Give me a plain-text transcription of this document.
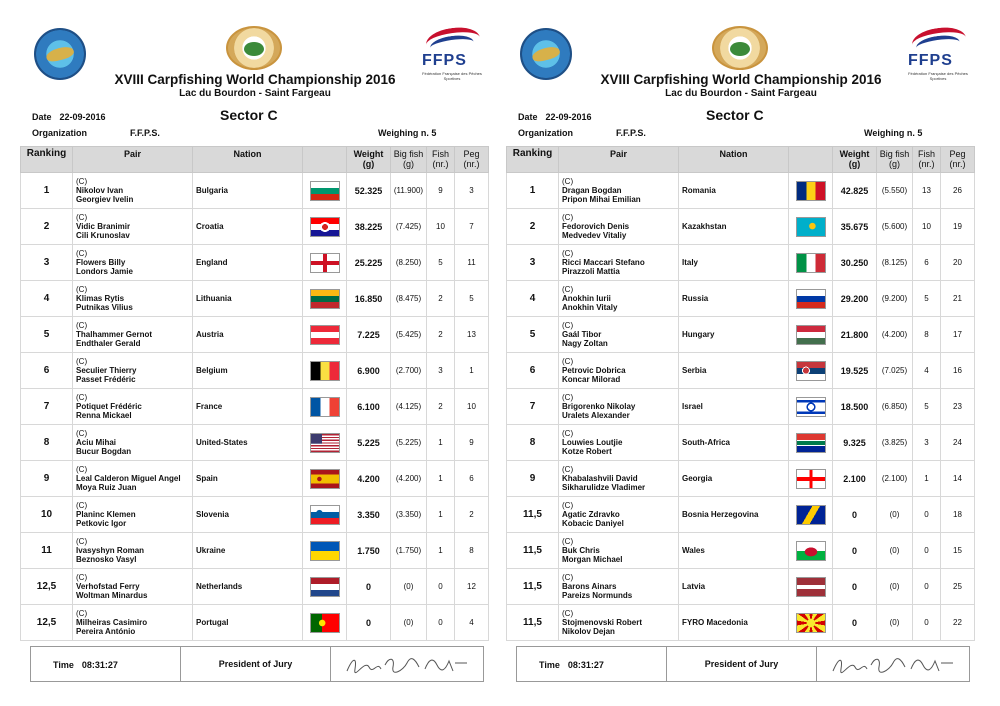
FFPS
Fédération Française des Pêches Sportives
XVIII Carpfishing World Championship 2016
Lac du Bourdon - Saint Fargeau
Date 22-09-2016	Sector C
Organization	F.F.P.S.	Weighing n. 5
Ranking	Pair	Nation		Weight
(g)	Big fish
(g)	Fish
(nr.)	Peg
(nr.)
1	(C)
Nikolov Ivan
Georgiev Ivelin	Bulgaria		52.325	(11.900)	9	3
2	(C)
Vidic Branimir
Cili Krunoslav	Croatia		38.225	(7.425)	10	7
3	(C)
Flowers Billy
Londors Jamie	England		25.225	(8.250)	5	11
4	(C)
Klimas Rytis
Putnikas Vilius	Lithuania		16.850	(8.475)	2	5
5	(C)
Thalhammer Gernot
Endthaler Gerald	Austria		7.225	(5.425)	2	13
6	(C)
Seculier Thierry
Passet Frédéric	Belgium		6.900	(2.700)	3	1
7	(C)
Potiquet Frédéric
Renna Mickael	France		6.100	(4.125)	2	10
8	(C)
Aciu Mihai
Bucur Bogdan	United-States		5.225	(5.225)	1	9
9	(C)
Leal Calderon Miguel Angel
Moya Ruiz Juan	Spain		4.200	(4.200)	1	6
10	(C)
Planinc Klemen
Petkovic Igor	Slovenia		3.350	(3.350)	1	2
11	(C)
Ivasyshyn Roman
Beznosko Vasyl	Ukraine		1.750	(1.750)	1	8
12,5	(C)
Verhofstad Ferry
Woltman Minardus	Netherlands		0	(0)	0	12
12,5	(C)
Milheiras Casimiro
Pereira António	Portugal		0	(0)	0	4
Time 08:31:27	President of Jury
FFPS
Fédération Française des Pêches Sportives
XVIII Carpfishing World Championship 2016
Lac du Bourdon - Saint Fargeau
Date 22-09-2016	Sector C
Organization	F.F.P.S.	Weighing n. 5
Ranking	Pair	Nation		Weight
(g)	Big fish
(g)	Fish
(nr.)	Peg
(nr.)
1	(C)
Dragan Bogdan
Pripon Mihai Emilian	Romania		42.825	(5.550)	13	26
2	(C)
Fedorovich Denis
Medvedev Vitaliy	Kazakhstan		35.675	(5.600)	10	19
3	(C)
Ricci Maccari Stefano
Pirazzoli Mattia	Italy		30.250	(8.125)	6	20
4	(C)
Anokhin Iurii
Anokhin Vitaly	Russia		29.200	(9.200)	5	21
5	(C)
Gaál Tibor
Nagy Zoltan	Hungary		21.800	(4.200)	8	17
6	(C)
Petrovic Dobrica
Koncar Milorad	Serbia		19.525	(7.025)	4	16
7	(C)
Brigorenko Nikolay
Uralets Alexander	Israel		18.500	(6.850)	5	23
8	(C)
Louwies Loutjie
Kotze Robert	South-Africa		9.325	(3.825)	3	24
9	(C)
Khabalashvili David
Sikharulidze Vladimer	Georgia		2.100	(2.100)	1	14
11,5	(C)
Agatic Zdravko
Kobacic Daniyel	Bosnia Herzegovina		0	(0)	0	18
11,5	(C)
Buk Chris
Morgan Michael	Wales		0	(0)	0	15
11,5	(C)
Barons Ainars
Pareizs Normunds	Latvia		0	(0)	0	25
11,5	(C)
Stojmenovski Robert
Nikolov Dejan	FYRO Macedonia		0	(0)	0	22
Time 08:31:27	President of Jury
